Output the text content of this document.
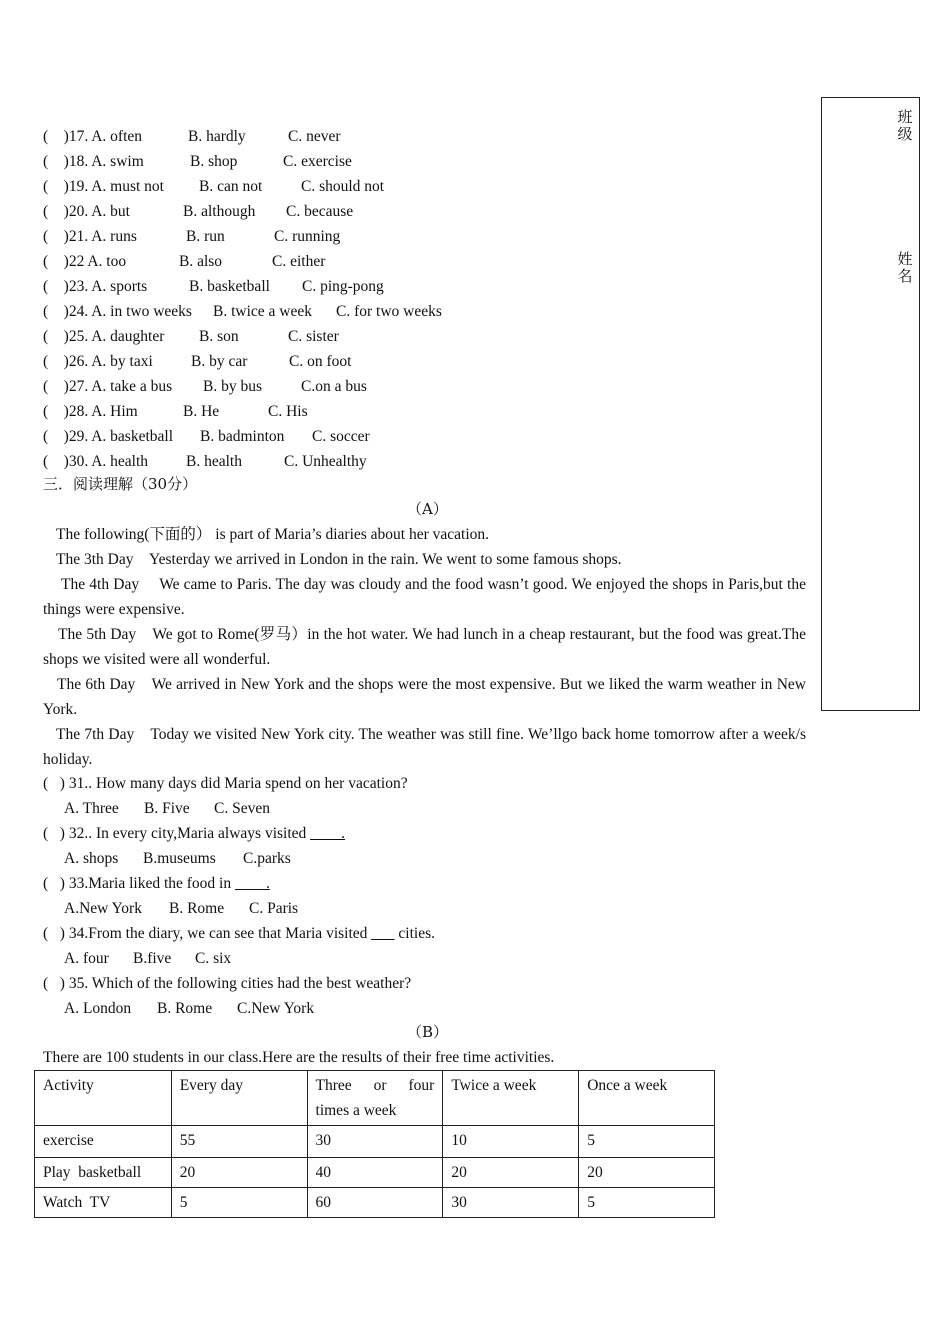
班级
姓名
(    )17. A. often	B. hardly	C. never
(    )18. A. swim	B. shop	C. exercise
(    )19. A. must not B. can not C. should not
(    )20. A. but	B. although C. because
(    )21. A. runs	B. run	C. running
(    )22 A. too	B. also	C. either
(    )23. A. sports	B. basketball C. ping-pong
(    )24. A. in two weeks B. twice a week C. for two weeks
(    )25. A. daughter B. son	C. sister
(    )26. A. by taxi B. by car	C. on foot
(    )27. A. take a bus B. by bus	C.on a bus
(    )28. A. Him	B. He	C. His
(    )29. A. basketball B. badminton C. soccer
(    )30. A. health B. health	C. Unhealthy
三．阅读理解（30分）
（A）
The following(下面的） is part of Maria’s diaries about her vacation.
The 3th Day　Yesterday we arrived in London in the rain. We went to some famous shops.
The 4th Day　 We came to Paris. The day was cloudy and the food wasn’t good. We enjoyed the shops in Paris,but the things were expensive.
The 5th Day　We got to Rome(罗马）in the hot water. We had lunch in a cheap restaurant, but the food was great.The shops we visited were all wonderful.
The 6th Day　We arrived in New York and the shops were the most expensive. But we liked the warm weather in New York.
The 7th Day　Today we visited New York city. The weather was still fine. We’llgo back home tomorrow after a week/s holiday.
(   ) 31.. How many days did Maria spend on her vacation?
A. Three B. Five C. Seven
(   ) 32.. In every city,Maria always visited ____.
A. shops B.museums C.parks
(   ) 33.Maria liked the food in ____.
A.New York B. Rome C. Paris
(   ) 34.From the diary, we can see that Maria visited ___ cities.
A. four B.five C. six
(   ) 35. Which of the following cities had the best weather?
A. London B. Rome C.New York
（B）
There are 100 students in our class.Here are the results of their free time activities.
Activity	Every day	Three or four times a week	Twice a week	Once a week
exercise	55	30	10	5
Play  basketball	20	40	20	20
Watch  TV	5	60	30	5
